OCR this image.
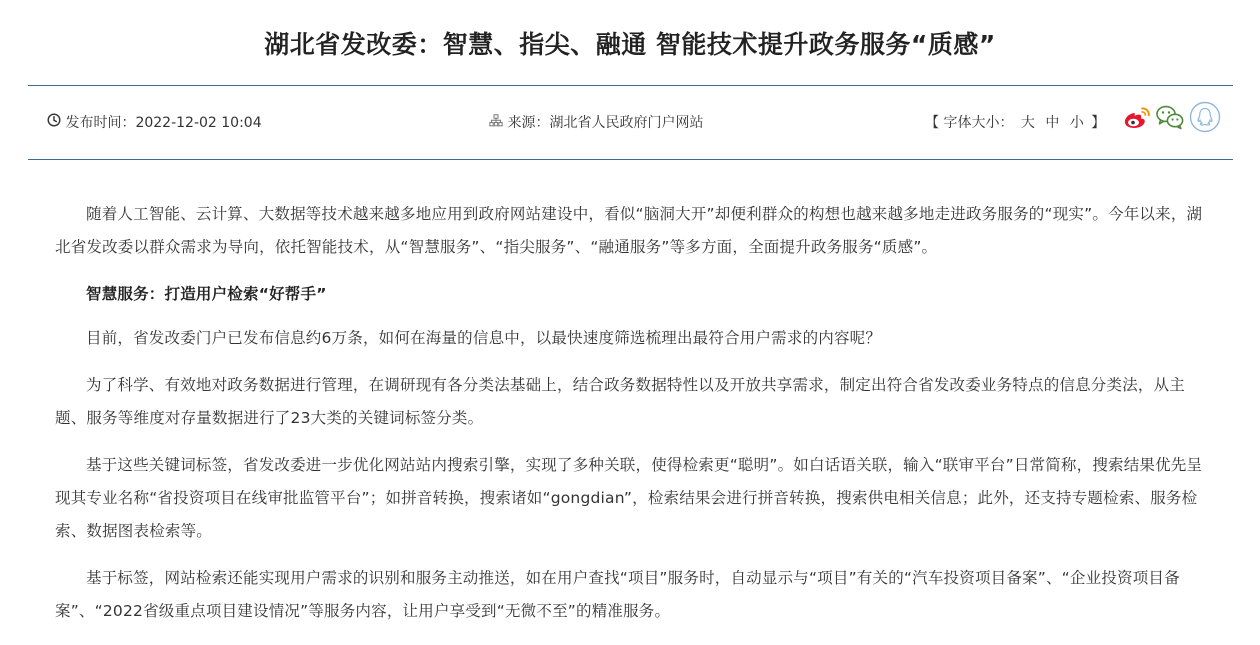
湖北省发改委：智慧、指尖、融通 智能技术提升政务服务“质感”
发布时间：2022-12-02 10:04	来源：湖北省人民政府门户网站	【 字体大小： 大 中 小 】

随着人工智能、云计算、大数据等技术越来越多地应用到政府网站建设中，看似“脑洞大开”却便利群众的构想也越来越多地走进政务服务的“现实”。今年以来，湖北省发改委以群众需求为导向，依托智能技术，从“智慧服务”、“指尖服务”、“融通服务”等多方面，全面提升政务服务“质感”。

智慧服务：打造用户检索“好帮手”

目前，省发改委门户已发布信息约6万条，如何在海量的信息中，以最快速度筛选梳理出最符合用户需求的内容呢？

为了科学、有效地对政务数据进行管理，在调研现有各分类法基础上，结合政务数据特性以及开放共享需求，制定出符合省发改委业务特点的信息分类法，从主题、服务等维度对存量数据进行了23大类的关键词标签分类。

基于这些关键词标签，省发改委进一步优化网站站内搜索引擎，实现了多种关联，使得检索更“聪明”。如白话语关联，输入“联审平台”日常简称，搜索结果优先呈现其专业名称“省投资项目在线审批监管平台”；如拼音转换，搜索诸如“gongdian”，检索结果会进行拼音转换，搜索供电相关信息；此外，还支持专题检索、服务检索、数据图表检索等。

基于标签，网站检索还能实现用户需求的识别和服务主动推送，如在用户查找“项目”服务时，自动显示与“项目”有关的“汽车投资项目备案”、“企业投资项目备案”、“2022省级重点项目建设情况”等服务内容，让用户享受到“无微不至”的精准服务。
